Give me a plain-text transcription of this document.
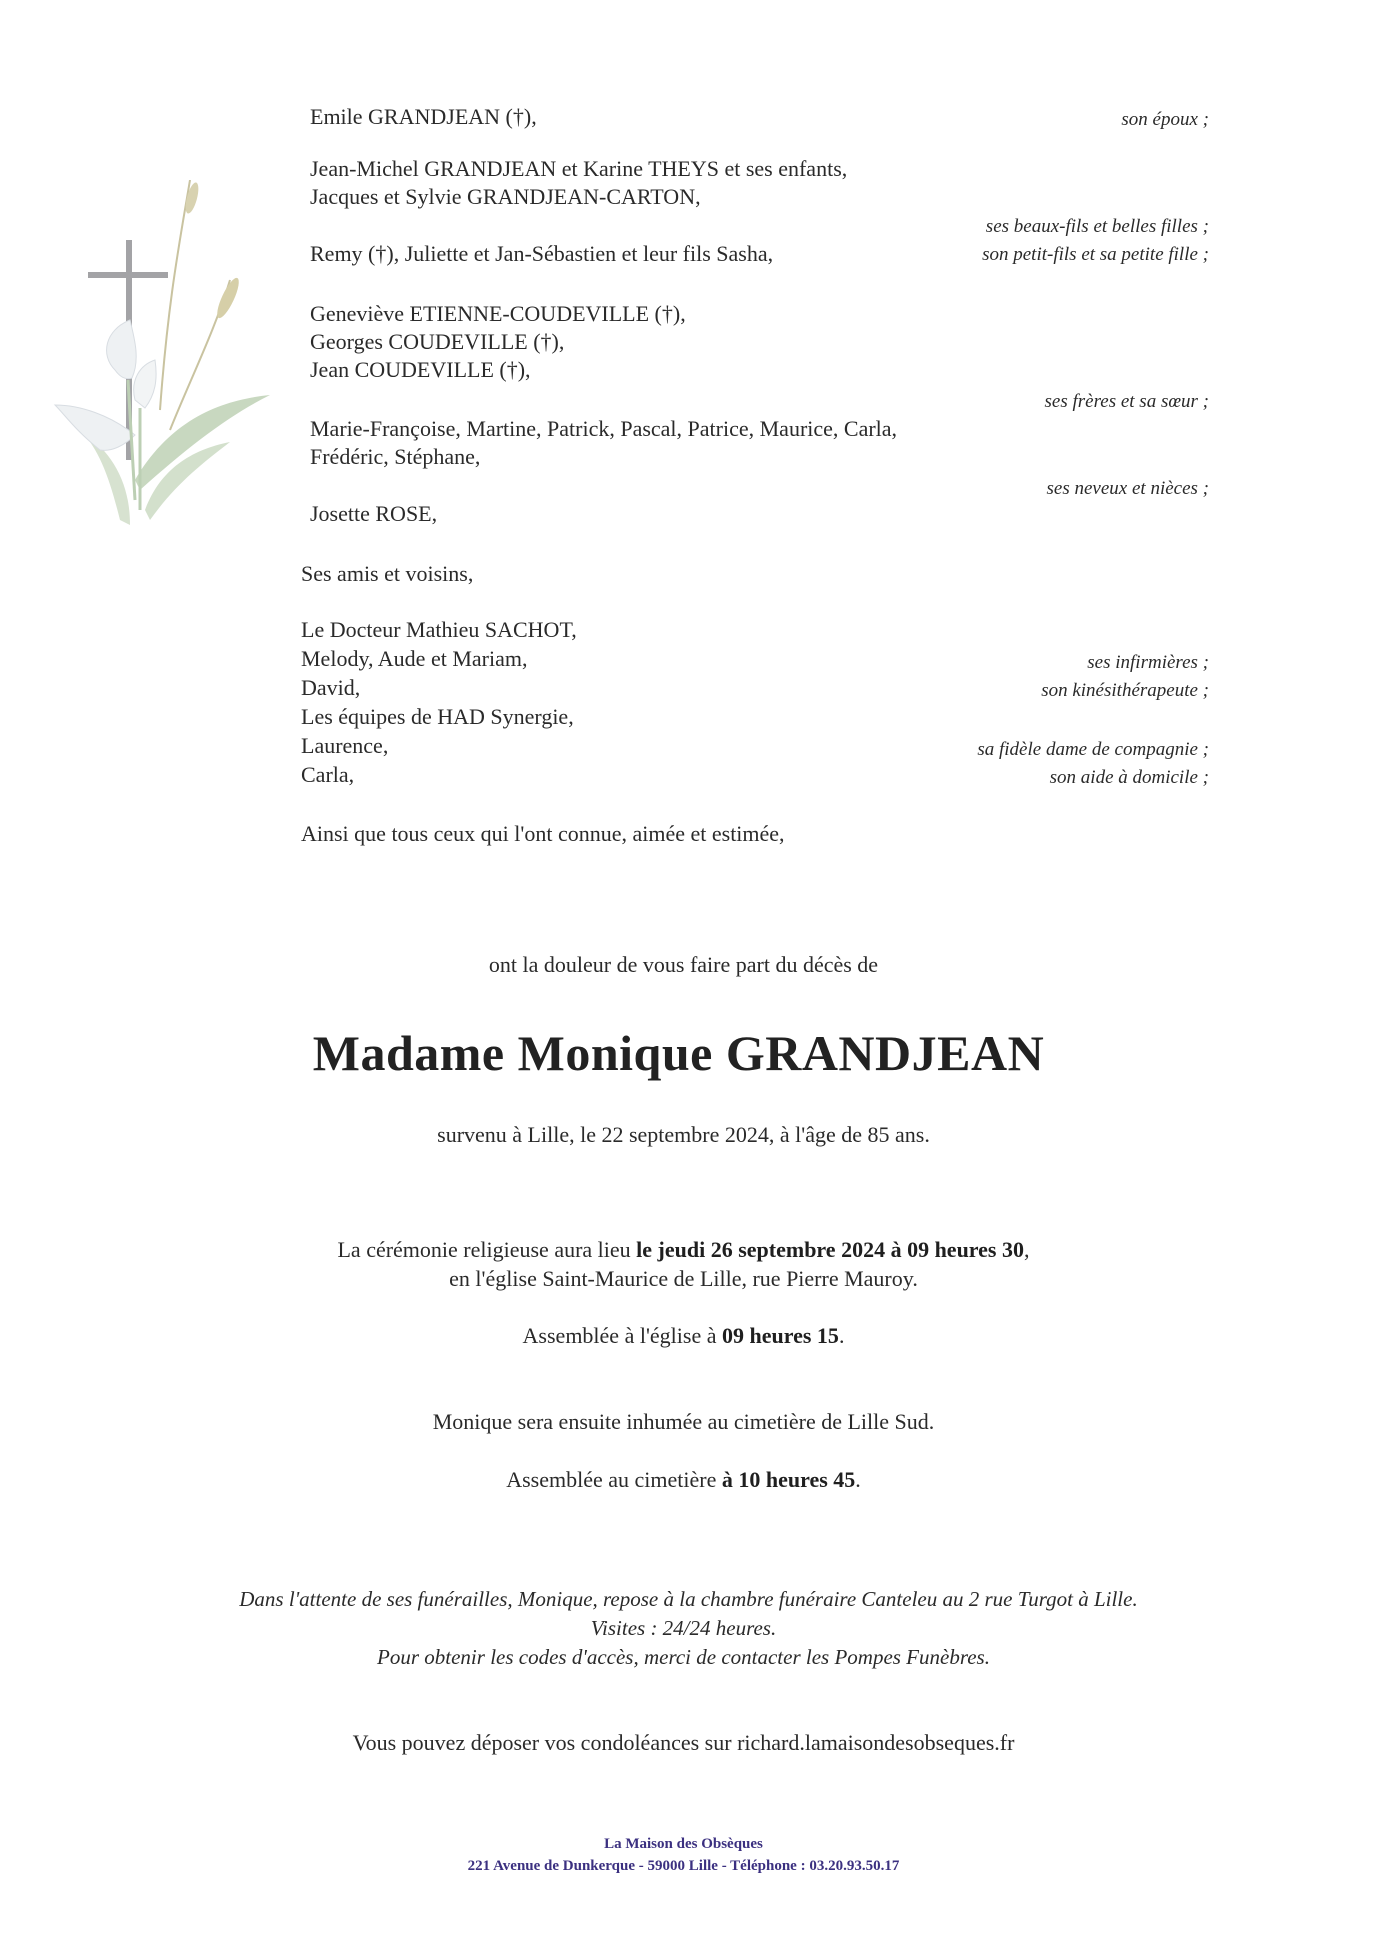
Emile GRANDJEAN (†),
Jean-Michel GRANDJEAN et Karine THEYS et ses enfants,
Jacques et Sylvie GRANDJEAN-CARTON,
Remy (†), Juliette et Jan-Sébastien et leur fils Sasha,
Geneviève ETIENNE-COUDEVILLE (†),
Georges COUDEVILLE (†),
Jean COUDEVILLE (†),
Marie-Françoise, Martine, Patrick, Pascal, Patrice, Maurice, Carla,
Frédéric, Stéphane,
Josette ROSE,
Ses amis et voisins,
Le Docteur Mathieu SACHOT,
Melody, Aude et Mariam,
David,
Les équipes de HAD Synergie,
Laurence,
Carla,
Ainsi que tous ceux qui l'ont connue, aimée et estimée,
son époux ;
ses beaux-fils et belles filles ;
son petit-fils et sa petite fille ;
ses frères et sa sœur ;
ses neveux et nièces ;
ses infirmières ;
son kinésithérapeute ;
sa fidèle dame de compagnie ;
son aide à domicile ;
ont la douleur de vous faire part du décès de
Madame Monique GRANDJEAN
survenu à Lille, le 22 septembre 2024, à l'âge de 85 ans.
La cérémonie religieuse aura lieu le jeudi 26 septembre 2024 à 09 heures 30,
en l'église Saint-Maurice de Lille, rue Pierre Mauroy.
Assemblée à l'église à 09 heures 15.
Monique sera ensuite inhumée au cimetière de Lille Sud.
Assemblée au cimetière à 10 heures 45.
Dans l'attente de ses funérailles, Monique, repose à la chambre funéraire Canteleu au 2 rue Turgot à Lille.
Visites : 24/24 heures.
Pour obtenir les codes d'accès, merci de contacter les Pompes Funèbres.
Vous pouvez déposer vos condoléances sur richard.lamaisondesobseques.fr
La Maison des Obsèques
221 Avenue de Dunkerque - 59000 Lille - Téléphone : 03.20.93.50.17
